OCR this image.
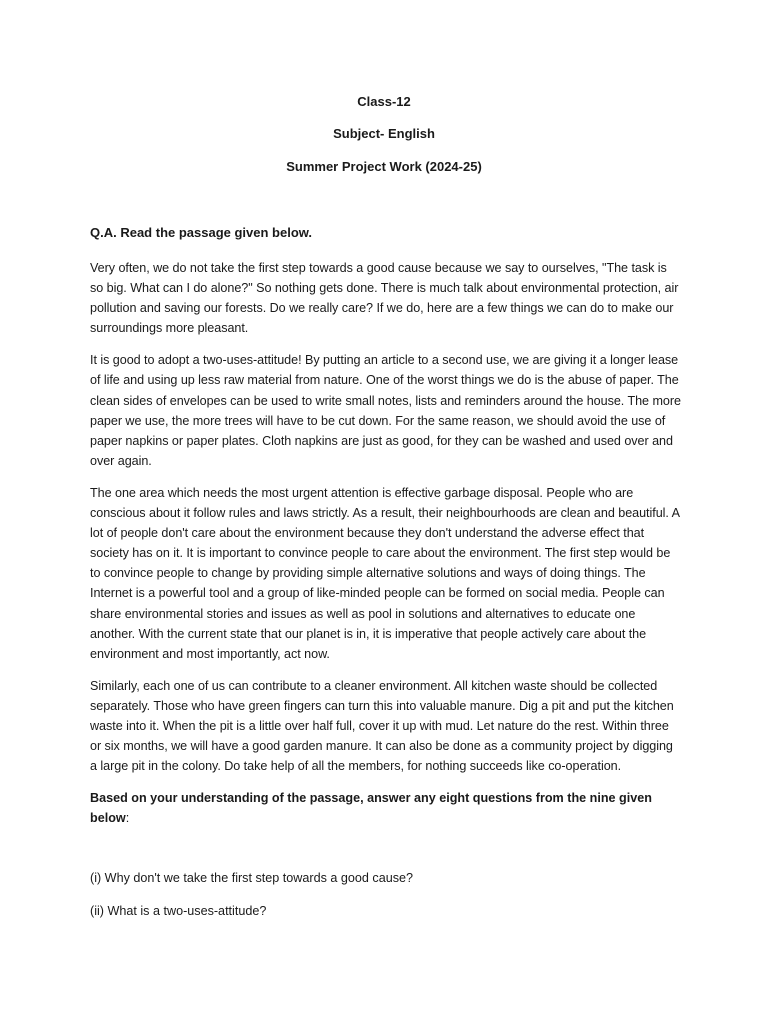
Class-12
Subject- English
Summer Project Work (2024-25)

Q.A. Read the passage given below.

Very often, we do not take the first step towards a good cause because we say to ourselves, "The task is so big. What can I do alone?" So nothing gets done. There is much talk about environmental protection, air pollution and saving our forests. Do we really care? If we do, here are a few things we can do to make our surroundings more pleasant.

It is good to adopt a two-uses-attitude! By putting an article to a second use, we are giving it a longer lease of life and using up less raw material from nature. One of the worst things we do is the abuse of paper. The clean sides of envelopes can be used to write small notes, lists and reminders around the house. The more paper we use, the more trees will have to be cut down. For the same reason, we should avoid the use of paper napkins or paper plates. Cloth napkins are just as good, for they can be washed and used over and over again.

The one area which needs the most urgent attention is effective garbage disposal. People who are conscious about it follow rules and laws strictly. As a result, their neighbourhoods are clean and beautiful. A lot of people don't care about the environment because they don't understand the adverse effect that society has on it. It is important to convince people to care about the environment. The first step would be to convince people to change by providing simple alternative solutions and ways of doing things. The Internet is a powerful tool and a group of like-minded people can be formed on social media. People can share environmental stories and issues as well as pool in solutions and alternatives to educate one another. With the current state that our planet is in, it is imperative that people actively care about the environment and most importantly, act now.

Similarly, each one of us can contribute to a cleaner environment. All kitchen waste should be collected separately. Those who have green fingers can turn this into valuable manure. Dig a pit and put the kitchen waste into it. When the pit is a little over half full, cover it up with mud. Let nature do the rest. Within three or six months, we will have a good garden manure. It can also be done as a community project by digging a large pit in the colony. Do take help of all the members, for nothing succeeds like co-operation.

Based on your understanding of the passage, answer any eight questions from the nine given below:

(i) Why don't we take the first step towards a good cause?

(ii) What is a two-uses-attitude?
